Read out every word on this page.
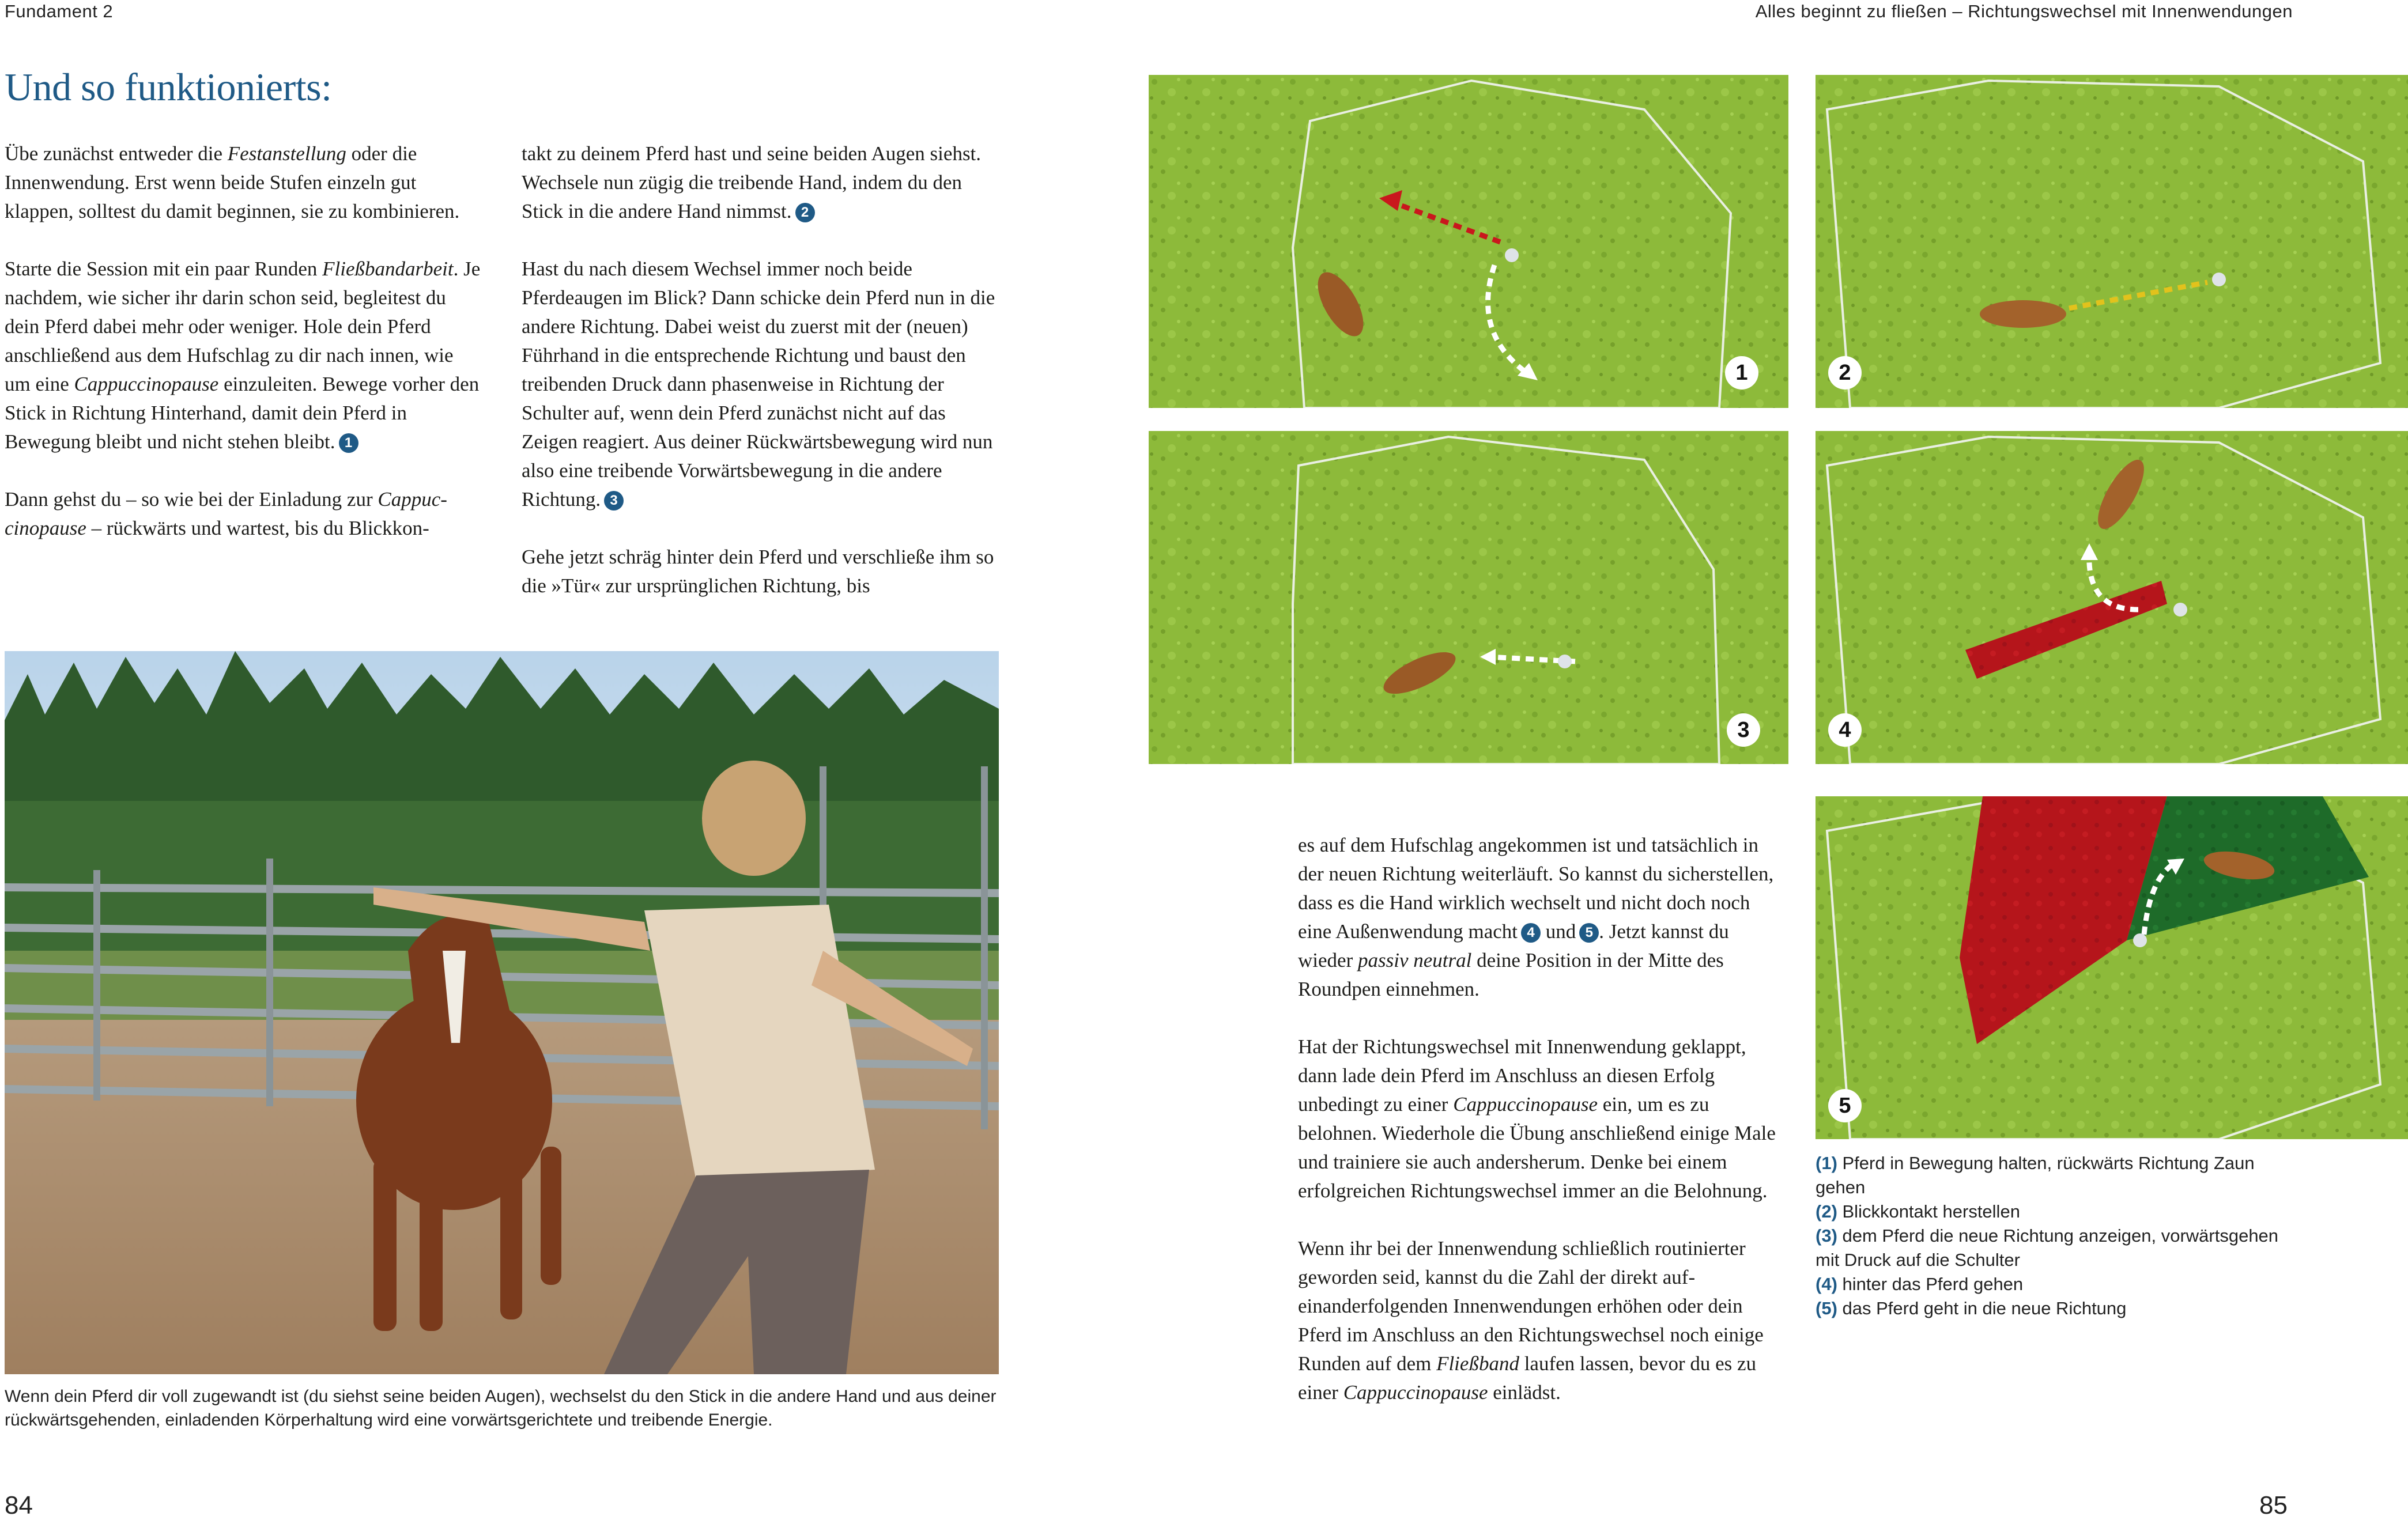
Fundament 2	Alles beginnt zu fließen – Richtungswechsel mit Innenwendungen
Und so funktionierts:

Übe zunächst entweder die Festanstellung oder die Innenwendung. Erst wenn beide Stufen einzeln gut klappen, solltest du damit beginnen, sie zu kombinieren.

Starte die Session mit ein paar Runden Fließbandarbeit. Je nachdem, wie sicher ihr darin schon seid, begleitest du dein Pferd dabei mehr oder weniger. Hole dein Pferd anschließend aus dem Hufschlag zu dir nach innen, wie um eine Cappuccinopause einzuleiten. Bewege vorher den Stick in Richtung Hinterhand, damit dein Pferd in Bewegung bleibt und nicht stehen bleibt. 1

Dann gehst du – so wie bei der Einladung zur Cappuccinopause – rückwärts und wartest, bis du Blickkon-

takt zu deinem Pferd hast und seine beiden Augen siehst. Wechsele nun zügig die treibende Hand, indem du den Stick in die andere Hand nimmst. 2

Hast du nach diesem Wechsel immer noch beide Pferdeaugen im Blick? Dann schicke dein Pferd nun in die andere Richtung. Dabei weist du zuerst mit der (neuen) Führhand in die entsprechende Richtung und baust den treibenden Druck dann phasenweise in Richtung der Schulter auf, wenn dein Pferd zunächst nicht auf das Zeigen reagiert. Aus deiner Rückwärtsbewegung wird nun also eine treibende Vorwärtsbewegung in die andere Richtung. 3

Gehe jetzt schräg hinter dein Pferd und verschließe ihm so die »Tür« zur ursprünglichen Richtung, bis

Wenn dein Pferd dir voll zugewandt ist (du siehst seine beiden Augen), wechselst du den Stick in die andere Hand und aus deiner rückwärtsgehenden, einladenden Körperhaltung wird eine vorwärtsgerichtete und treibende Energie.
1	2
3	4
5

es auf dem Hufschlag angekommen ist und tatsächlich in der neuen Richtung weiterläuft. So kannst du sicherstellen, dass es die Hand wirklich wechselt und nicht doch noch eine Außenwendung macht 4 und 5 . Jetzt kannst du wieder passiv neutral deine Position in der Mitte des Roundpen einnehmen.

Hat der Richtungswechsel mit Innenwendung geklappt, dann lade dein Pferd im Anschluss an diesen Erfolg unbedingt zu einer Cappuccinopause ein, um es zu belohnen. Wiederhole die Übung anschließend einige Male und trainiere sie auch andersherum. Denke bei einem erfolgreichen Richtungswechsel immer an die Belohnung.

Wenn ihr bei der Innenwendung schließlich routinierter geworden seid, kannst du die Zahl der direkt aufeinanderfolgenden Innenwendungen erhöhen oder dein Pferd im Anschluss an den Richtungswechsel noch einige Runden auf dem Fließband laufen lassen, bevor du es zu einer Cappuccinopause einlädst.

(1) Pferd in Bewegung halten, rückwärts Richtung Zaun gehen
(2) Blickkontakt herstellen
(3) dem Pferd die neue Richtung anzeigen, vorwärtsgehen mit Druck auf die Schulter
(4) hinter das Pferd gehen
(5) das Pferd geht in die neue Richtung
84	85
